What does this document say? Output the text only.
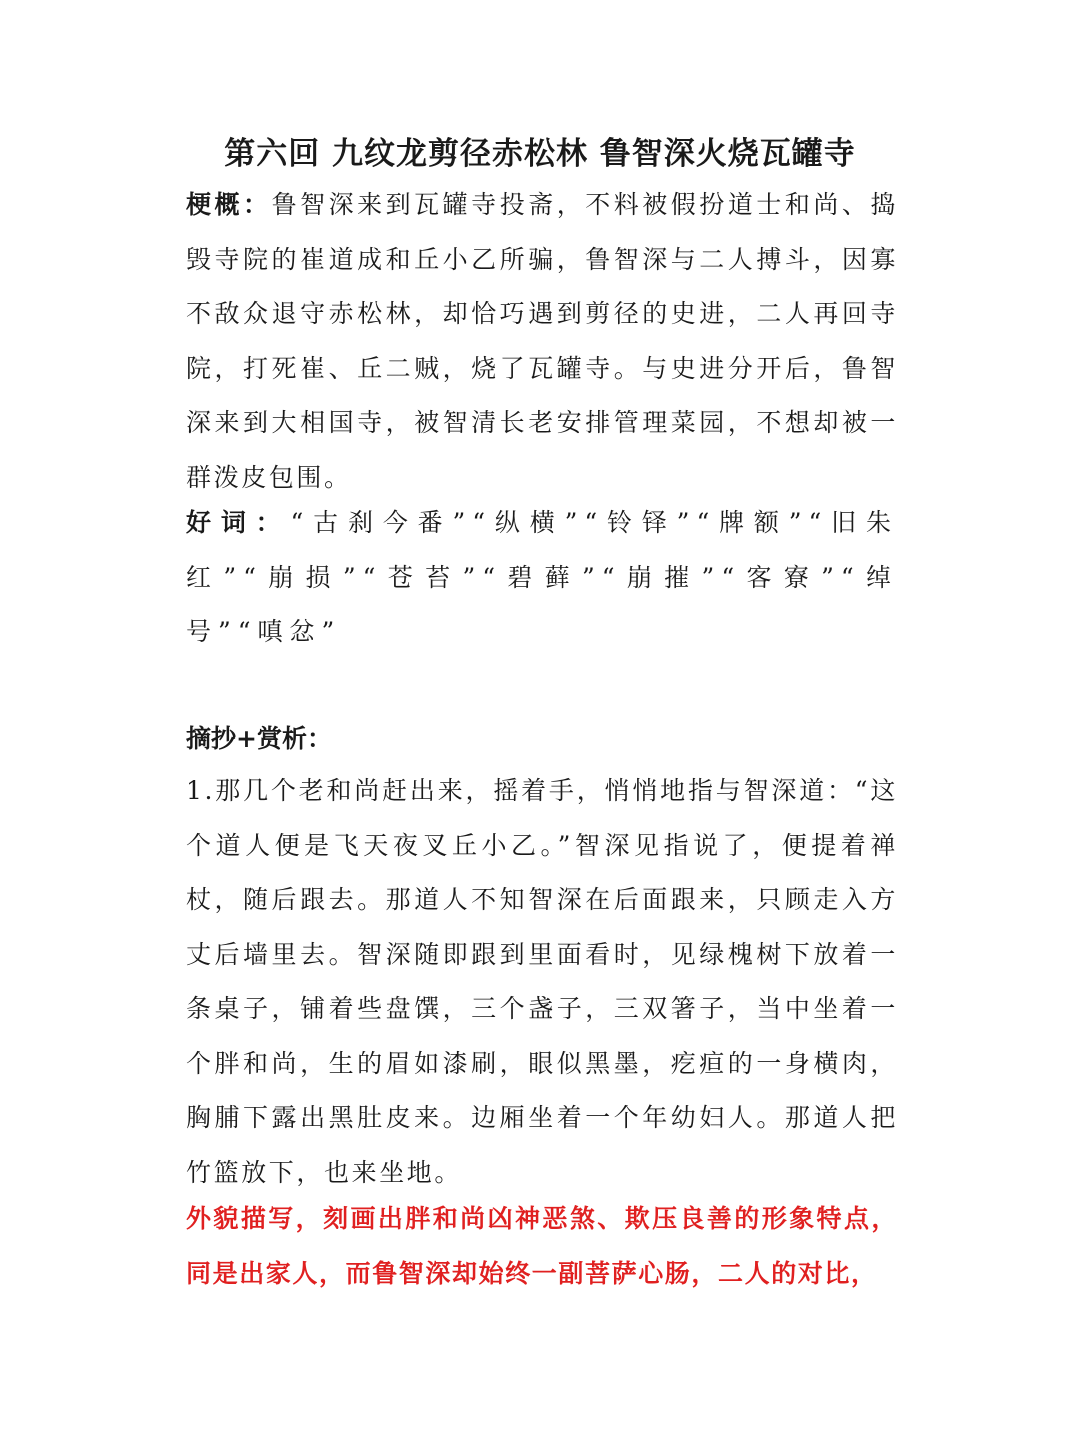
第六回 九纹龙剪径赤松林 鲁智深火烧瓦罐寺

梗概：鲁智深来到瓦罐寺投斋，不料被假扮道士和尚、捣毁寺院的崔道成和丘小乙所骗，鲁智深与二人搏斗，因寡不敌众退守赤松林，却恰巧遇到剪径的史进，二人再回寺院，打死崔、丘二贼，烧了瓦罐寺。与史进分开后，鲁智深来到大相国寺，被智清长老安排管理菜园，不想却被一群泼皮包围。

好词：“古刹今番”“纵横”“铃铎”“牌额”“旧朱红”“崩损”“苍苔”“碧藓”“崩摧”“客寮”“绰号”“嗔忿”

摘抄+赏析：

1.那几个老和尚赶出来，摇着手，悄悄地指与智深道：“这个道人便是飞天夜叉丘小乙。”智深见指说了，便提着禅杖，随后跟去。那道人不知智深在后面跟来，只顾走入方丈后墙里去。智深随即跟到里面看时，见绿槐树下放着一条桌子，铺着些盘馔，三个盏子，三双箸子，当中坐着一个胖和尚，生的眉如漆刷，眼似黑墨，疙疸的一身横肉，胸脯下露出黑肚皮来。边厢坐着一个年幼妇人。那道人把竹篮放下，也来坐地。

外貌描写，刻画出胖和尚凶神恶煞、欺压良善的形象特点，同是出家人，而鲁智深却始终一副菩萨心肠，二人的对比，
